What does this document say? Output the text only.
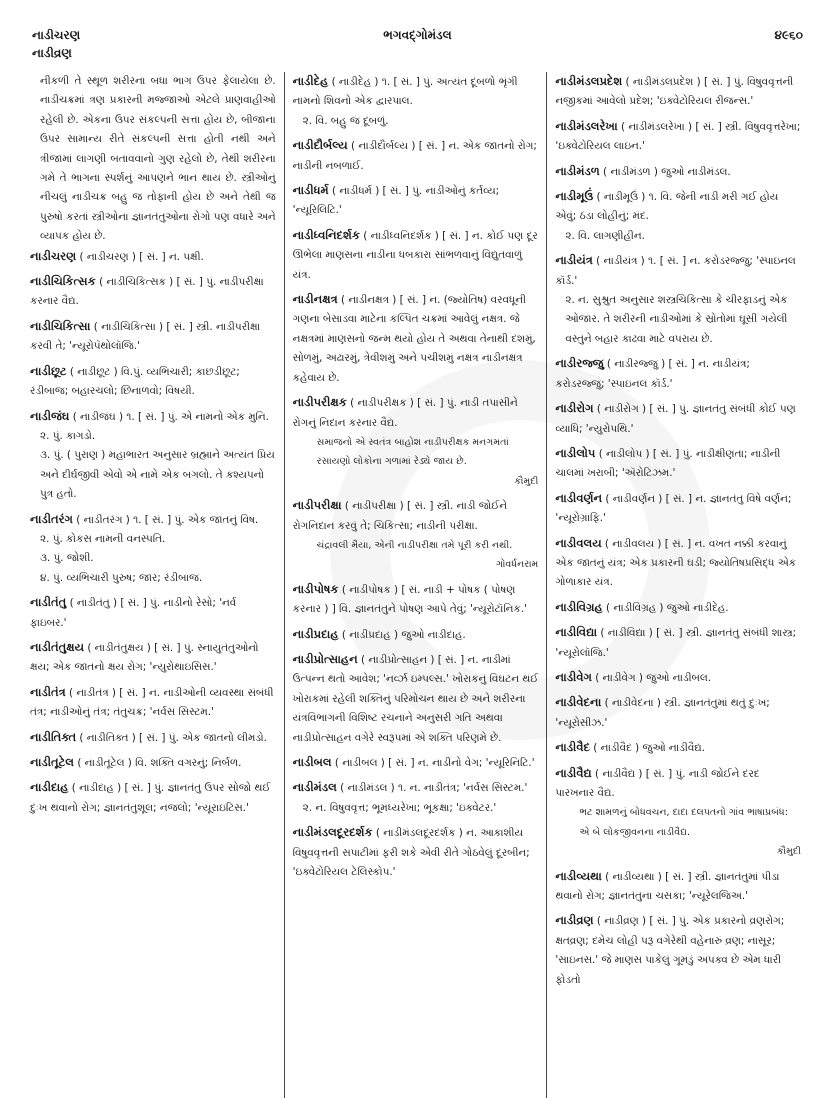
નાડીચરણ
નાડીવ્રણ
ભગવદ્ગોમંડલ	૪૯૬૦
નીકળી તે સ્થૂળ શરીરના બધા ભાગ ઉપર ફેલાયેલા છે. નાડીચક્રમાં ત્રણ પ્રકારની મજ્જાઓ એટલે પ્રાણવાહીઓ રહેલી છે. એકના ઉપર સંકલ્પની સત્તા હોય છે, બીજાના ઉપર સામાન્ય રીતે સંકલ્પની સત્તા હોતી નથી અને ત્રીજામાં લાગણી બતાવવાનો ગુણ રહેલો છે, તેથી શરીરના ગમે તે ભાગના સ્પર્શનું આપણને ભાન થાય છે. સ્ત્રીઓનું નીચલું નાડીચક્ર બહુ જ તોફાની હોય છે અને તેથી જ પુરુષો કરતાં સ્ત્રીઓના જ્ઞાનતંતુઓના રોગો પણ વધારે અને વ્યાપક હોય છે.
નાડીચરણ ( નાડીચરણ ) [ સં. ] ન. પક્ષી.
નાડીચિકિત્સક ( નાડીચિકિત્સક ) [ સં. ] પું. નાડીપરીક્ષા કરનાર વૈદ્ય.
નાડીચિકિત્સા ( નાડીચિકિત્સા ) [ સં. ] સ્ત્રી. નાડીપરીક્ષા કરવી તે; 'ન્યૂરોપૅથોલૉજિ.'
નાડીછૂટ ( નાડીછૂટ ) વિ.પું. વ્યભિચારી; કાછડીછૂટ; રંડીબાજ; બહારચલો; છિનાળવો; વિષયી.
નાડીજંઘ ( નાડીજંઘ ) ૧. [ સં. ] પું. એ નામનો એક મુનિ.
૨. પું. કાગડો.
૩. પું. ( પુરાણ ) મહાભારત અનુસાર બ્રહ્માને અત્યંત પ્રિય અને દીર્ઘજીવી એવો એ નામે એક બગલો. તે કશ્યપનો પુત્ર હતો.
નાડીતરંગ ( નાડીતરંગ ) ૧. [ સં. ] પું. એક જાતનું વિષ.
૨. પું. કોકસ નામની વનસ્પતિ.
૩. પું. જોશી.
૪. પું. વ્યભિચારી પુરુષ; જાર; રંડીબાજ.
નાડીતંતુ ( નાડીતંતુ ) [ સં. ] પું. નાડીનો રેસો; 'નર્વ ફાઇબર.'
નાડીતંતુક્ષય ( નાડીતંતુક્ષય ) [ સં. ] પું. સ્નાયુતંતુઓનો ક્ષય; એક જાતનો ક્ષય રોગ; 'ન્યુરોથાઇસિસ.'
નાડીતંત્ર ( નાડીતંત્ર ) [ સં. ] ન. નાડીઓની વ્યવસ્થા સંબંધી તંત્ર; નાડીઓનું તંત્ર; તંતુચક્ર; 'નર્વસ સિસ્ટમ.'
નાડીતિક્ત ( નાડીતિક્ત ) [ સં. ] પું. એક જાતનો લીમડો.
નાડીતૂટેલ ( નાડીતૂટેલ ) વિ. શક્તિ વગરનું; નિર્બળ.
નાડીદાહ ( નાડીદાહ ) [ સં. ] પું. જ્ઞાનતંતુ ઉપર સોજો થઈ દુઃખ થવાનો રોગ; જ્ઞાનતંતુશૂલ; નજલો; 'ન્યૂરાઇટિસ.'
નાડીદેહ ( નાડીદેહ ) ૧. [ સં. ] પું. અત્યંત દૂબળો ભૃંગી નામનો શિવનો એક દ્વારપાલ.
૨. વિ. બહુ જ દૂબળું.
નાડીદૌર્બલ્ય ( નાડીદૌર્બલ્ય ) [ સં. ] ન. એક જાતનો રોગ; નાડીની નબળાઈ.
નાડીધર્મ ( નાડીધર્મ ) [ સં. ] પું. નાડીઓનું કર્તવ્ય; 'ન્યૂરિલિટિ.'
નાડીધ્વનિદર્શક ( નાડીધ્વનિદર્શક ) [ સં. ] ન. કોઈ પણ દૂર ઊભેલા માણસના નાડીના ધબકારા સાંભળવાનું વિદ્યુતવાળું યંત્ર.
નાડીનક્ષત્ર ( નાડીનક્ષત્ર ) [ સં. ] ન. (જ્યોતિષ) વરવધૂની ગણના બેસાડવા માટેના કલ્પિત ચક્રમાં આવેલું નક્ષત્ર. જે નક્ષત્રમાં માણસનો જન્મ થયો હોય તે અથવા તેનાથી દશમું, સોળમું, અઢારમું, ત્રેવીશમું અને પચીશમું નક્ષત્ર નાડીનક્ષત્ર કહેવાય છે.
નાડીપરીક્ષક ( નાડીપરીક્ષક ) [ સં. ] પું. નાડી તપાસીને રોગનું નિદાન કરનાર વૈદ્ય.
સમાજનો એ સ્વતંત્ર બાહોશ નાડીપરીક્ષક મનગમતાં રસાયણો લોકોના ગળામાં રેડ્યે જાય છે.
કૌમુદી
નાડીપરીક્ષા ( નાડીપરીક્ષા ) [ સં. ] સ્ત્રી. નાડી જોઈને રોગનિદાન કરવું તે; ચિકિત્સા; નાડીની પરીક્ષા.
ચંદ્રાવલી મૈયા, એની નાડીપરીક્ષા તમે પૂરી કરી નથી.
ગોવર્ધનરામ
નાડીપોષક ( નાડીપોષક ) [ સં. નાડી + પોષક ( પોષણ કરનાર ) ] વિ. જ્ઞાનતંતુને પોષણ આપે તેવું; 'ન્યૂરોટૉનિક.'
નાડીપ્રદાહ ( નાડીપ્રદાહ ) જુઓ નાડીદાહ.
નાડીપ્રોત્સાહન ( નાડીપ્રોત્સાહન ) [ સં. ] ન. નાડીમાં ઉત્પન્ન થતો આવેશ; 'નર્વ્ઝ ઇમ્પલ્સ.' ખોરાકનું વિઘટન થઈ ખોરાકમાં રહેલી શક્તિનું પરિમોચન થાય છે અને શરીરના યંત્રવિભાગની વિશિષ્ટ રચનાને અનુસરી ગતિ અથવા નાડીપ્રોત્સાહન વગેરે સ્વરૂપમાં એ શક્તિ પરિણમે છે.
નાડીબલ ( નાડીબલ ) [ સં. ] ન. નાડીનો વેગ; 'ન્યૂરિનિટિ.'
નાડીમંડલ ( નાડીમંડલ ) ૧. ન. નાડીતંત્ર; 'નર્વસ સિસ્ટમ.'
૨. ન. વિષુવવૃત્ત; ભૂમધ્યરેખા; ભૂકક્ષા; 'ઇક્વેટર.'
નાડીમંડલદૂરદર્શક ( નાડીમંડલદૂરદર્શક ) ન. આકાશીય વિષુવવૃત્તની સપાટીમાં ફરી શકે એવી રીતે ગોઠવેલું દૂરબીન; 'ઇક્વેટોરિયલ ટેલિસ્કોપ.'
નાડીમંડલપ્રદેશ ( નાડીમંડલપ્રદેશ ) [ સં. ] પું. વિષુવવૃત્તની નજીકમાં આવેલો પ્રદેશ; 'ઇક્વેટોરિયલ રીજન્સ.'
નાડીમંડલરેખા ( નાડીમંડલરેખા ) [ સં. ] સ્ત્રી. વિષુવવૃત્તરેખા; 'ઇક્વેટોરિયલ લાઇન.'
નાડીમંડળ ( નાડીમંડળ ) જુઓ નાડીમંડલ.
નાડીમૂઉં ( નાડીમૂઉં ) ૧. વિ. જેની નાડી મરી ગઈ હોય એવું; ઠંડા લોહીનું; મંદ.
૨. વિ. લાગણીહીન.
નાડીયંત્ર ( નાડીયંત્ર ) ૧. [ સં. ] ન. કરોડરજ્જુ; 'સ્પાઇનલ કૉર્ડ.'
૨. ન. સુશ્રુત અનુસાર શસ્ત્રચિકિત્સા કે ચીરફાડનું એક ઓજાર. તે શરીરની નાડીઓમાં કે સ્રોતોમાં ઘૂસી ગયેલી વસ્તુને બહાર કાઢવા માટે વપરાય છે.
નાડીરજ્જુ ( નાડીરજ્જુ ) [ સં. ] ન. નાડીયંત્ર; કરોડરજ્જુ; 'સ્પાઇનલ કૉર્ડ.'
નાડીરોગ ( નાડીરોગ ) [ સં. ] પું. જ્ઞાનતંતુ સંબંધી કોઈ પણ વ્યાધિ; 'ન્યુરોપથિ.'
નાડીલોપ ( નાડીલોપ ) [ સં. ] પું. નાડીક્ષીણતા; નાડીની ચાલમાં ખરાબી; 'ઍરોટિઝમ.'
નાડીવર્ણન ( નાડીવર્ણન ) [ સં. ] ન. જ્ઞાનતંતુ વિષે વર્ણન; 'ન્યૂરોગ્રાફિ.'
નાડીવલય ( નાડીવલય ) [ સં. ] ન. વખત નક્કી કરવાનું એક જાતનું યંત્ર; એક પ્રકારની ઘડી; જ્યોતિષપ્રસિદ્ધ એક ગોળાકાર યંત્ર.
નાડીવિગ્રહ ( નાડીવિગ્રહ ) જુઓ નાડીદેહ.
નાડીવિદ્યા ( નાડીવિદ્યા ) [ સં. ] સ્ત્રી. જ્ઞાનતંતુ સંબંધી શાસ્ત્ર; 'ન્યૂરોલૉજિ.'
નાડીવેગ ( નાડીવેગ ) જુઓ નાડીબલ.
નાડીવેદના ( નાડીવેદના ) સ્ત્રી. જ્ઞાનતંતુમાં થતું દુઃખ; 'ન્યૂરોસીઝ.'
નાડીવૈદ ( નાડીવૈદ ) જુઓ નાડીવૈદ્ય.
નાડીવૈદ્ય ( નાડીવૈદ્ય ) [ સં. ] પું. નાડી જોઈને દરદ પારખનાર વૈદ્ય.
ભટ શામળનું બોધવચન, દાદા દલપતનો ગાંવ ભાષાપ્રબંધ: એ બે લોકજીવનના નાડીવૈદ્ય.
કૌમુદી
નાડીવ્યથા ( નાડીવ્યથા ) [ સં. ] સ્ત્રી. જ્ઞાનતંતુમાં પીડા થવાનો રોગ; જ્ઞાનતંતુના ચસકા; 'ન્યૂરેલજિઅ.'
નાડીવ્રણ ( નાડીવ્રણ ) [ સં. ] પું. એક પ્રકારનો વ્રણરોગ; ક્ષતવ્રણ; દમેચ લોહી પરૂ વગેરેથી વહેનારું વ્રણ; નાસૂર; 'સાઇનસ.' જે માણસ પાકેલું ગૂમડું અપક્વ છે એમ ધારી ફોડતો
